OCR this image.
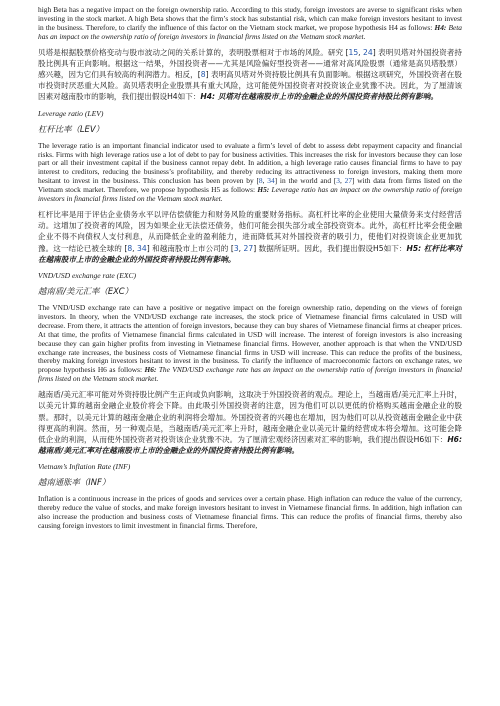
high Beta has a negative impact on the foreign ownership ratio. According to this study, foreign investors are averse to significant risks when investing in the stock market. A high Beta shows that the firm’s stock has substantial risk, which can make foreign investors hesitant to invest in the business. Therefore, to clarify the influence of this factor on the Vietnam stock market, we propose hypothesis H4 as follows: H4: Beta has an impact on the ownership ratio of foreign investors in financial firms listed on the Vietnam stock market.

贝塔是根据股票价格变动与股市波动之间的关系计算的，表明股票相对于市场的风险。研究 [15, 24] 表明贝塔对外国投资者持股比例具有正向影响。根据这一结果，外国投资者——尤其是风险偏好型投资者——通常对高风险股票（通常是高贝塔股票）感兴趣，因为它们具有较高的利润潜力。相反，[8] 表明高贝塔对外资持股比例具有负面影响。根据这项研究，外国投资者在股市投资时厌恶重大风险。高贝塔表明企业股票具有重大风险，这可能使外国投资者对投资该企业犹豫不决。因此，为了厘清该因素对越南股市的影响，我们提出假设H4如下：H4: 贝塔对在越南股市上市的金融企业的外国投资者持股比例有影响。

Leverage ratio (LEV)
杠杆比率（LEV）

The leverage ratio is an important financial indicator used to evaluate a firm’s level of debt to assess debt repayment capacity and financial risks. Firms with high leverage ratios use a lot of debt to pay for business activities. This increases the risk for investors because they can lose part or all their investment capital if the business cannot repay debt. In addition, a high leverage ratio causes financial firms to have to pay interest to creditors, reducing the business’s profitability, and thereby reducing its attractiveness to foreign investors, making them more hesitant to invest in the business. This conclusion has been proven by [8, 34] in the world and [3, 27] with data from firms listed on the Vietnam stock market. Therefore, we propose hypothesis H5 as follows: H5: Leverage ratio has an impact on the ownership ratio of foreign investors in financial firms listed on the Vietnam stock market.

杠杆比率是用于评估企业债务水平以评估偿债能力和财务风险的重要财务指标。高杠杆比率的企业使用大量债务来支付经营活动。这增加了投资者的风险，因为如果企业无法偿还债务，他们可能会损失部分或全部投资资本。此外，高杠杆比率会使金融企业不得不向债权人支付利息，从而降低企业的盈利能力，进而降低其对外国投资者的吸引力，使他们对投资该企业更加犹豫。这一结论已被全球的 [8, 34] 和越南股市上市公司的 [3, 27] 数据所证明。因此，我们提出假设H5如下：H5: 杠杆比率对在越南股市上市的金融企业的外国投资者持股比例有影响。

VND/USD exchange rate (EXC)
越南盾/美元汇率（EXC）

The VND/USD exchange rate can have a positive or negative impact on the foreign ownership ratio, depending on the views of foreign investors. In theory, when the VND/USD exchange rate increases, the stock price of Vietnamese financial firms calculated in USD will decrease. From there, it attracts the attention of foreign investors, because they can buy shares of Vietnamese financial firms at cheaper prices. At that time, the profits of Vietnamese financial firms calculated in USD will increase. The interest of foreign investors is also increasing because they can gain higher profits from investing in Vietnamese financial firms. However, another approach is that when the VND/USD exchange rate increases, the business costs of Vietnamese financial firms in USD will increase. This can reduce the profits of the business, thereby making foreign investors hesitant to invest in the business. To clarify the influence of macroeconomic factors on exchange rates, we propose hypothesis H6 as follows: H6: The VND/USD exchange rate has an impact on the ownership ratio of foreign investors in financial firms listed on the Vietnam stock market.

越南盾/美元汇率可能对外资持股比例产生正向或负向影响，这取决于外国投资者的观点。理论上，当越南盾/美元汇率上升时，以美元计算的越南金融企业股价将会下降。由此吸引外国投资者的注意，因为他们可以以更低的价格购买越南金融企业的股票。那时，以美元计算的越南金融企业的利润将会增加。外国投资者的兴趣也在增加，因为他们可以从投资越南金融企业中获得更高的利润。然而，另一种观点是，当越南盾/美元汇率上升时，越南金融企业以美元计量的经营成本将会增加。这可能会降低企业的利润，从而使外国投资者对投资该企业犹豫不决。为了厘清宏观经济因素对汇率的影响，我们提出假设H6如下：H6: 越南盾/美元汇率对在越南股市上市的金融企业的外国投资者持股比例有影响。

Vietnam’s Inflation Rate (INF)
越南通胀率（INF）

Inflation is a continuous increase in the prices of goods and services over a certain phase. High inflation can reduce the value of the currency, thereby reduce the value of stocks, and make foreign investors hesitant to invest in Vietnamese financial firms. In addition, high inflation can also increase the production and business costs of Vietnamese financial firms. This can reduce the profits of financial firms, thereby also causing foreign investors to limit investment in financial firms. Therefore,
